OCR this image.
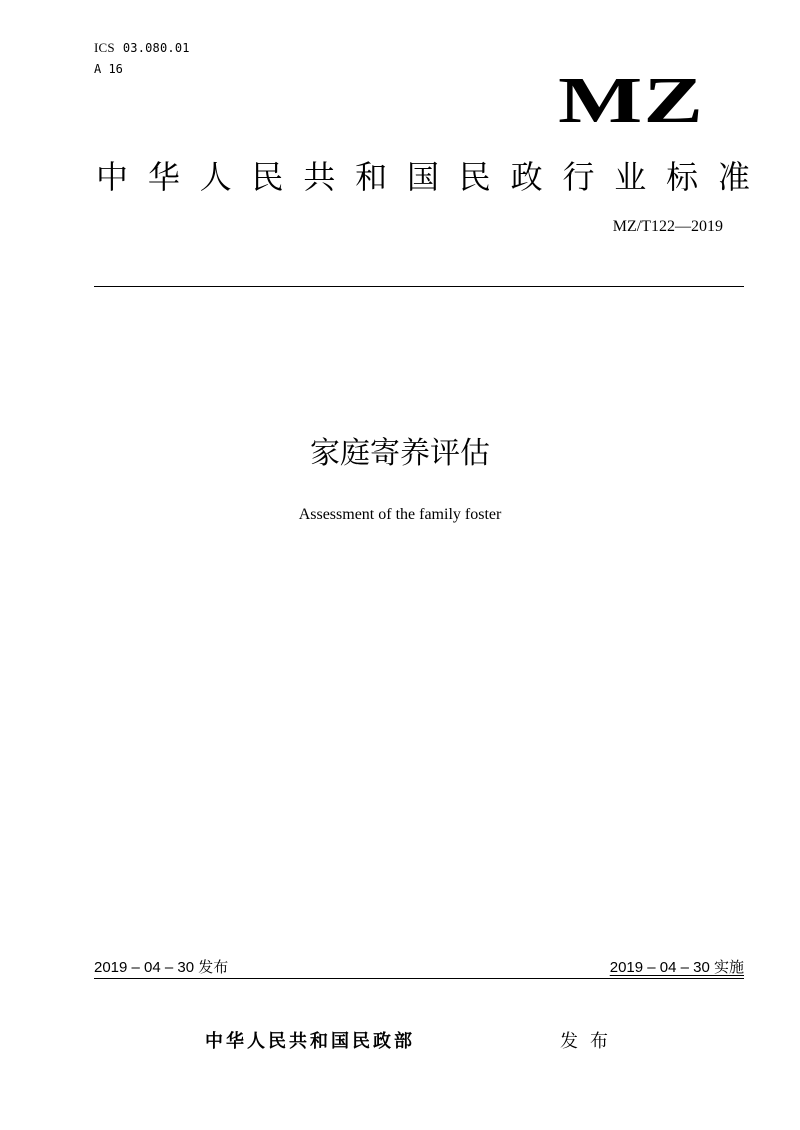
ICS 03.080.01
A 16	MZ
中 华 人 民 共 和 国 民 政 行 业 标 准
MZ/T122—2019
家庭寄养评估
Assessment of the family foster
2019 – 04 – 30 发布	2019 – 04 – 30 实施
中华人民共和国民政部	发布
